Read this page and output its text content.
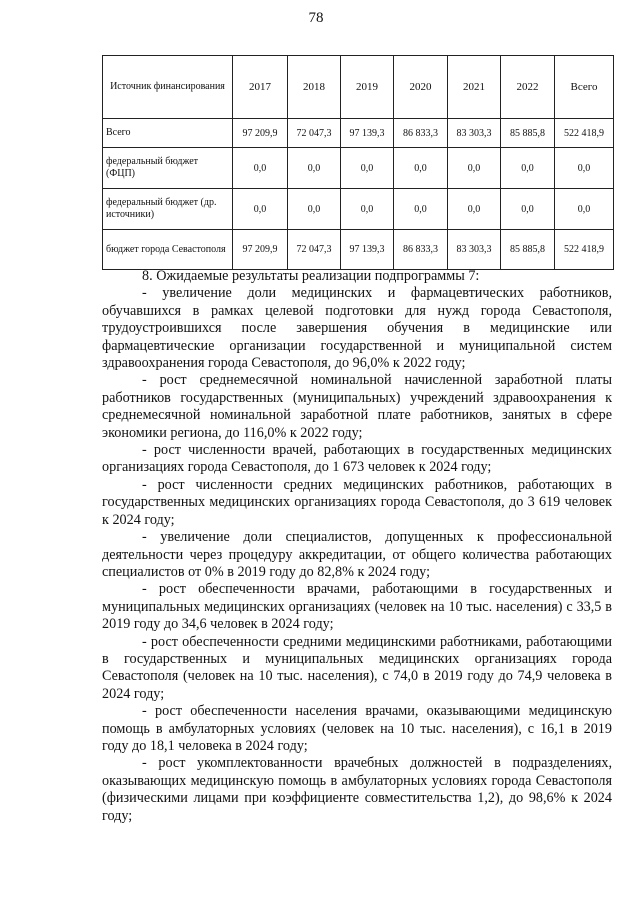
78
Источник финансирования	2017	2018	2019	2020	2021	2022	Всего
Всего	97 209,9	72 047,3	97 139,3	86 833,3	83 303,3	85 885,8	522 418,9
федеральный бюджет (ФЦП)	0,0	0,0	0,0	0,0	0,0	0,0	0,0
федеральный бюджет (др. источники)	0,0	0,0	0,0	0,0	0,0	0,0	0,0
бюджет города Севастополя	97 209,9	72 047,3	97 139,3	86 833,3	83 303,3	85 885,8	522 418,9

8. Ожидаемые результаты реализации подпрограммы 7:

- увеличение доли медицинских и фармацевтических работников, обучавшихся в рамках целевой подготовки для нужд города Севастополя, трудоустроившихся после завершения обучения в медицинские или фармацевтические организации государственной и муниципальной систем здравоохранения города Севастополя, до 96,0% к 2022 году;

- рост среднемесячной номинальной начисленной заработной платы работников государственных (муниципальных) учреждений здравоохранения к среднемесячной номинальной заработной плате работников, занятых в сфере экономики региона, до 116,0% к 2022 году;

- рост численности врачей, работающих в государственных медицинских организациях города Севастополя, до 1 673 человек к 2024 году;

- рост численности средних медицинских работников, работающих в государственных медицинских организациях города Севастополя, до 3 619 человек к 2024 году;

- увеличение доли специалистов, допущенных к профессиональной деятельности через процедуру аккредитации, от общего количества работающих специалистов от 0% в 2019 году до 82,8% к 2024 году;

- рост обеспеченности врачами, работающими в государственных и муниципальных медицинских организациях (человек на 10 тыс. населения) с 33,5 в 2019 году до 34,6 человек в 2024 году;

- рост обеспеченности средними медицинскими работниками, работающими в государственных и муниципальных медицинских организациях города Севастополя (человек на 10 тыс. населения), с 74,0 в 2019 году до 74,9 человека в 2024 году;

- рост обеспеченности населения врачами, оказывающими медицинскую помощь в амбулаторных условиях (человек на 10 тыс. населения), с 16,1 в 2019 году до 18,1 человека в 2024 году;

- рост укомплектованности врачебных должностей в подразделениях, оказывающих медицинскую помощь в амбулаторных условиях города Севастополя (физическими лицами при коэффициенте совместительства 1,2), до 98,6% к 2024 году;
